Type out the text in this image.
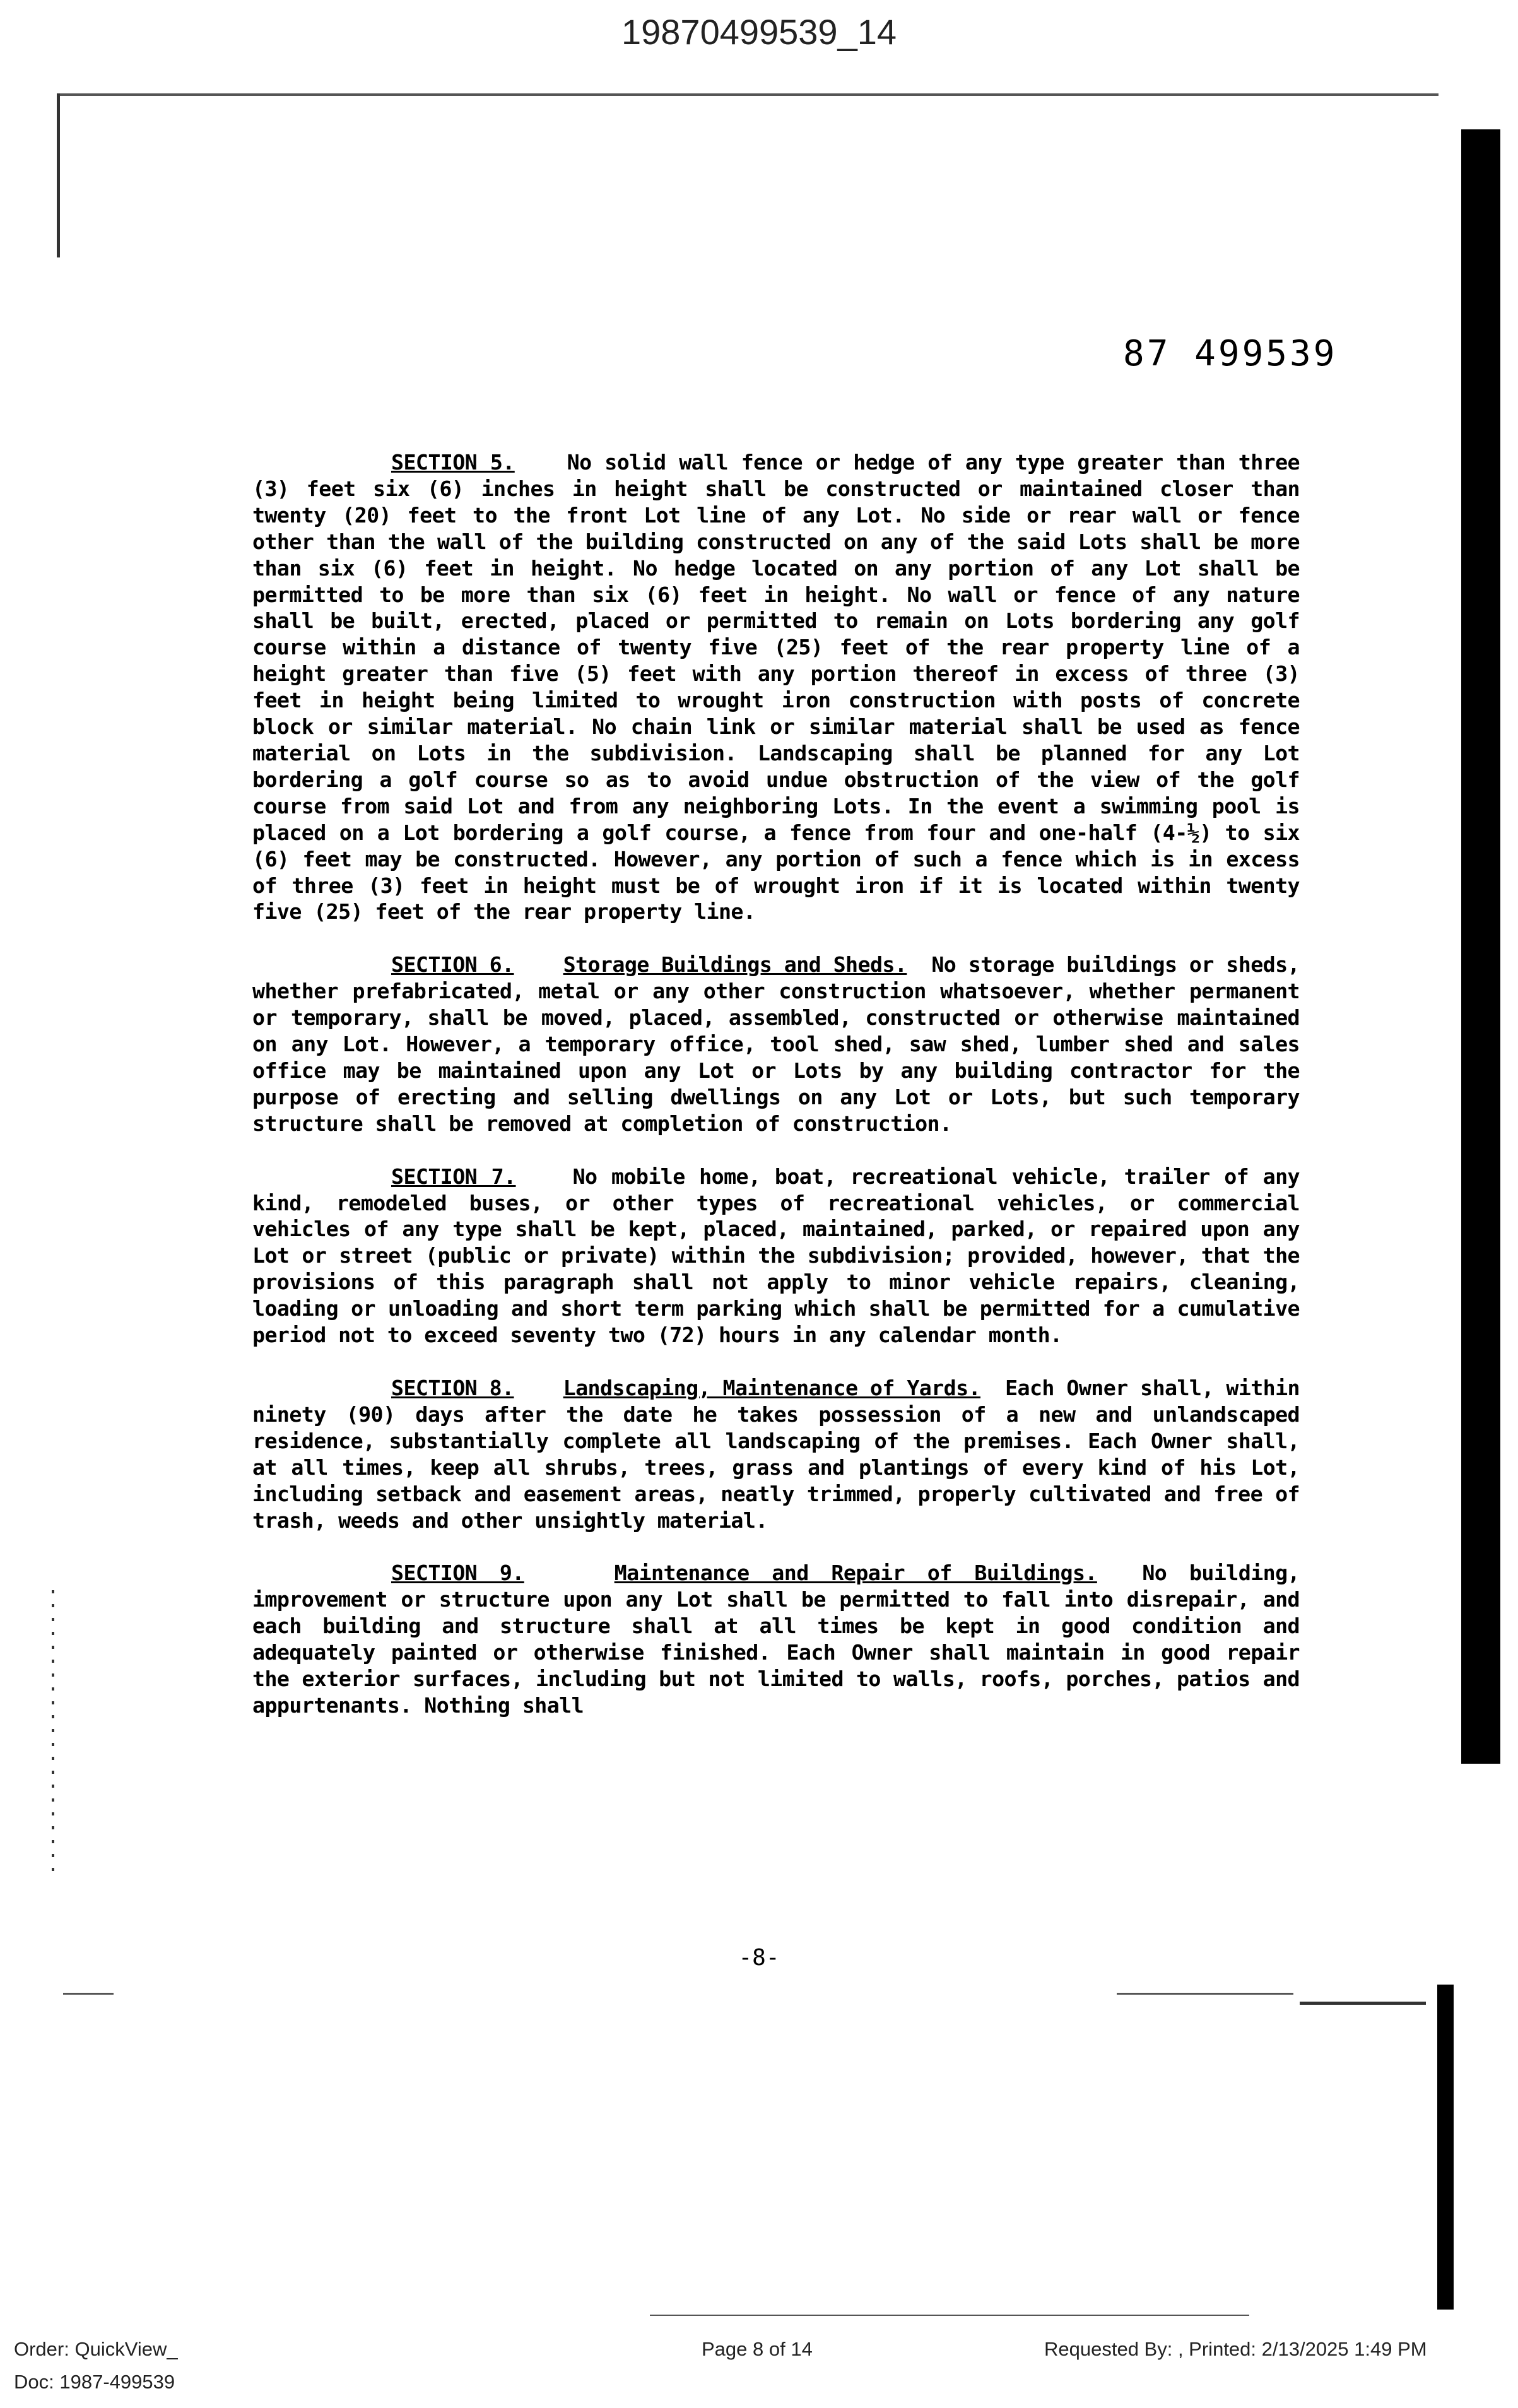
19870499539_14
87 499539

SECTION 5. No solid wall fence or hedge of any type greater than three (3) feet six (6) inches in height shall be constructed or maintained closer than twenty (20) feet to the front Lot line of any Lot. No side or rear wall or fence other than the wall of the building constructed on any of the said Lots shall be more than six (6) feet in height. No hedge located on any portion of any Lot shall be permitted to be more than six (6) feet in height. No wall or fence of any nature shall be built, erected, placed or permitted to remain on Lots bordering any golf course within a distance of twenty five (25) feet of the rear property line of a height greater than five (5) feet with any portion thereof in excess of three (3) feet in height being limited to wrought iron construction with posts of concrete block or similar material. No chain link or similar material shall be used as fence material on Lots in the subdivision. Landscaping shall be planned for any Lot bordering a golf course so as to avoid undue obstruction of the view of the golf course from said Lot and from any neighboring Lots. In the event a swimming pool is placed on a Lot bordering a golf course, a fence from four and one-half (4-½) to six (6) feet may be constructed. However, any portion of such a fence which is in excess of three (3) feet in height must be of wrought iron if it is located within twenty five (25) feet of the rear property line.

SECTION 6. Storage Buildings and Sheds. No storage buildings or sheds, whether prefabricated, metal or any other construction whatsoever, whether permanent or temporary, shall be moved, placed, assembled, constructed or otherwise maintained on any Lot. However, a temporary office, tool shed, saw shed, lumber shed and sales office may be maintained upon any Lot or Lots by any building contractor for the purpose of erecting and selling dwellings on any Lot or Lots, but such temporary structure shall be removed at completion of construction.

SECTION 7.	No mobile home, boat, recreational vehicle, trailer of any kind, remodeled buses, or other types of recreational vehicles, or commercial vehicles of any type shall be kept, placed, maintained, parked, or repaired upon any Lot or street (public or private) within the subdivision; provided, however, that the provisions of this paragraph shall not apply to minor vehicle repairs, cleaning, loading or unloading and short term parking which shall be permitted for a cumulative period not to exceed seventy two (72) hours in any calendar month.

SECTION 8. Landscaping, Maintenance of Yards. Each Owner shall, within ninety (90) days after the date he takes possession of a new and unlandscaped residence, substantially complete all landscaping of the premises. Each Owner shall, at all times, keep all shrubs, trees, grass and plantings of every kind of his Lot, including setback and easement areas, neatly trimmed, properly cultivated and free of trash, weeds and other unsightly material.

SECTION 9.	Maintenance and Repair of Buildings. No building, improvement or structure upon any Lot shall be permitted to fall into disrepair, and each building and structure shall at all times be kept in good condition and adequately painted or otherwise finished. Each Owner shall maintain in good repair the exterior surfaces, including but not limited to walls, roofs, porches, patios and appurtenants. Nothing shall

-8-
Order: QuickView_
Doc: 1987-499539
Page 8 of 14	Requested By: , Printed: 2/13/2025 1:49 PM
